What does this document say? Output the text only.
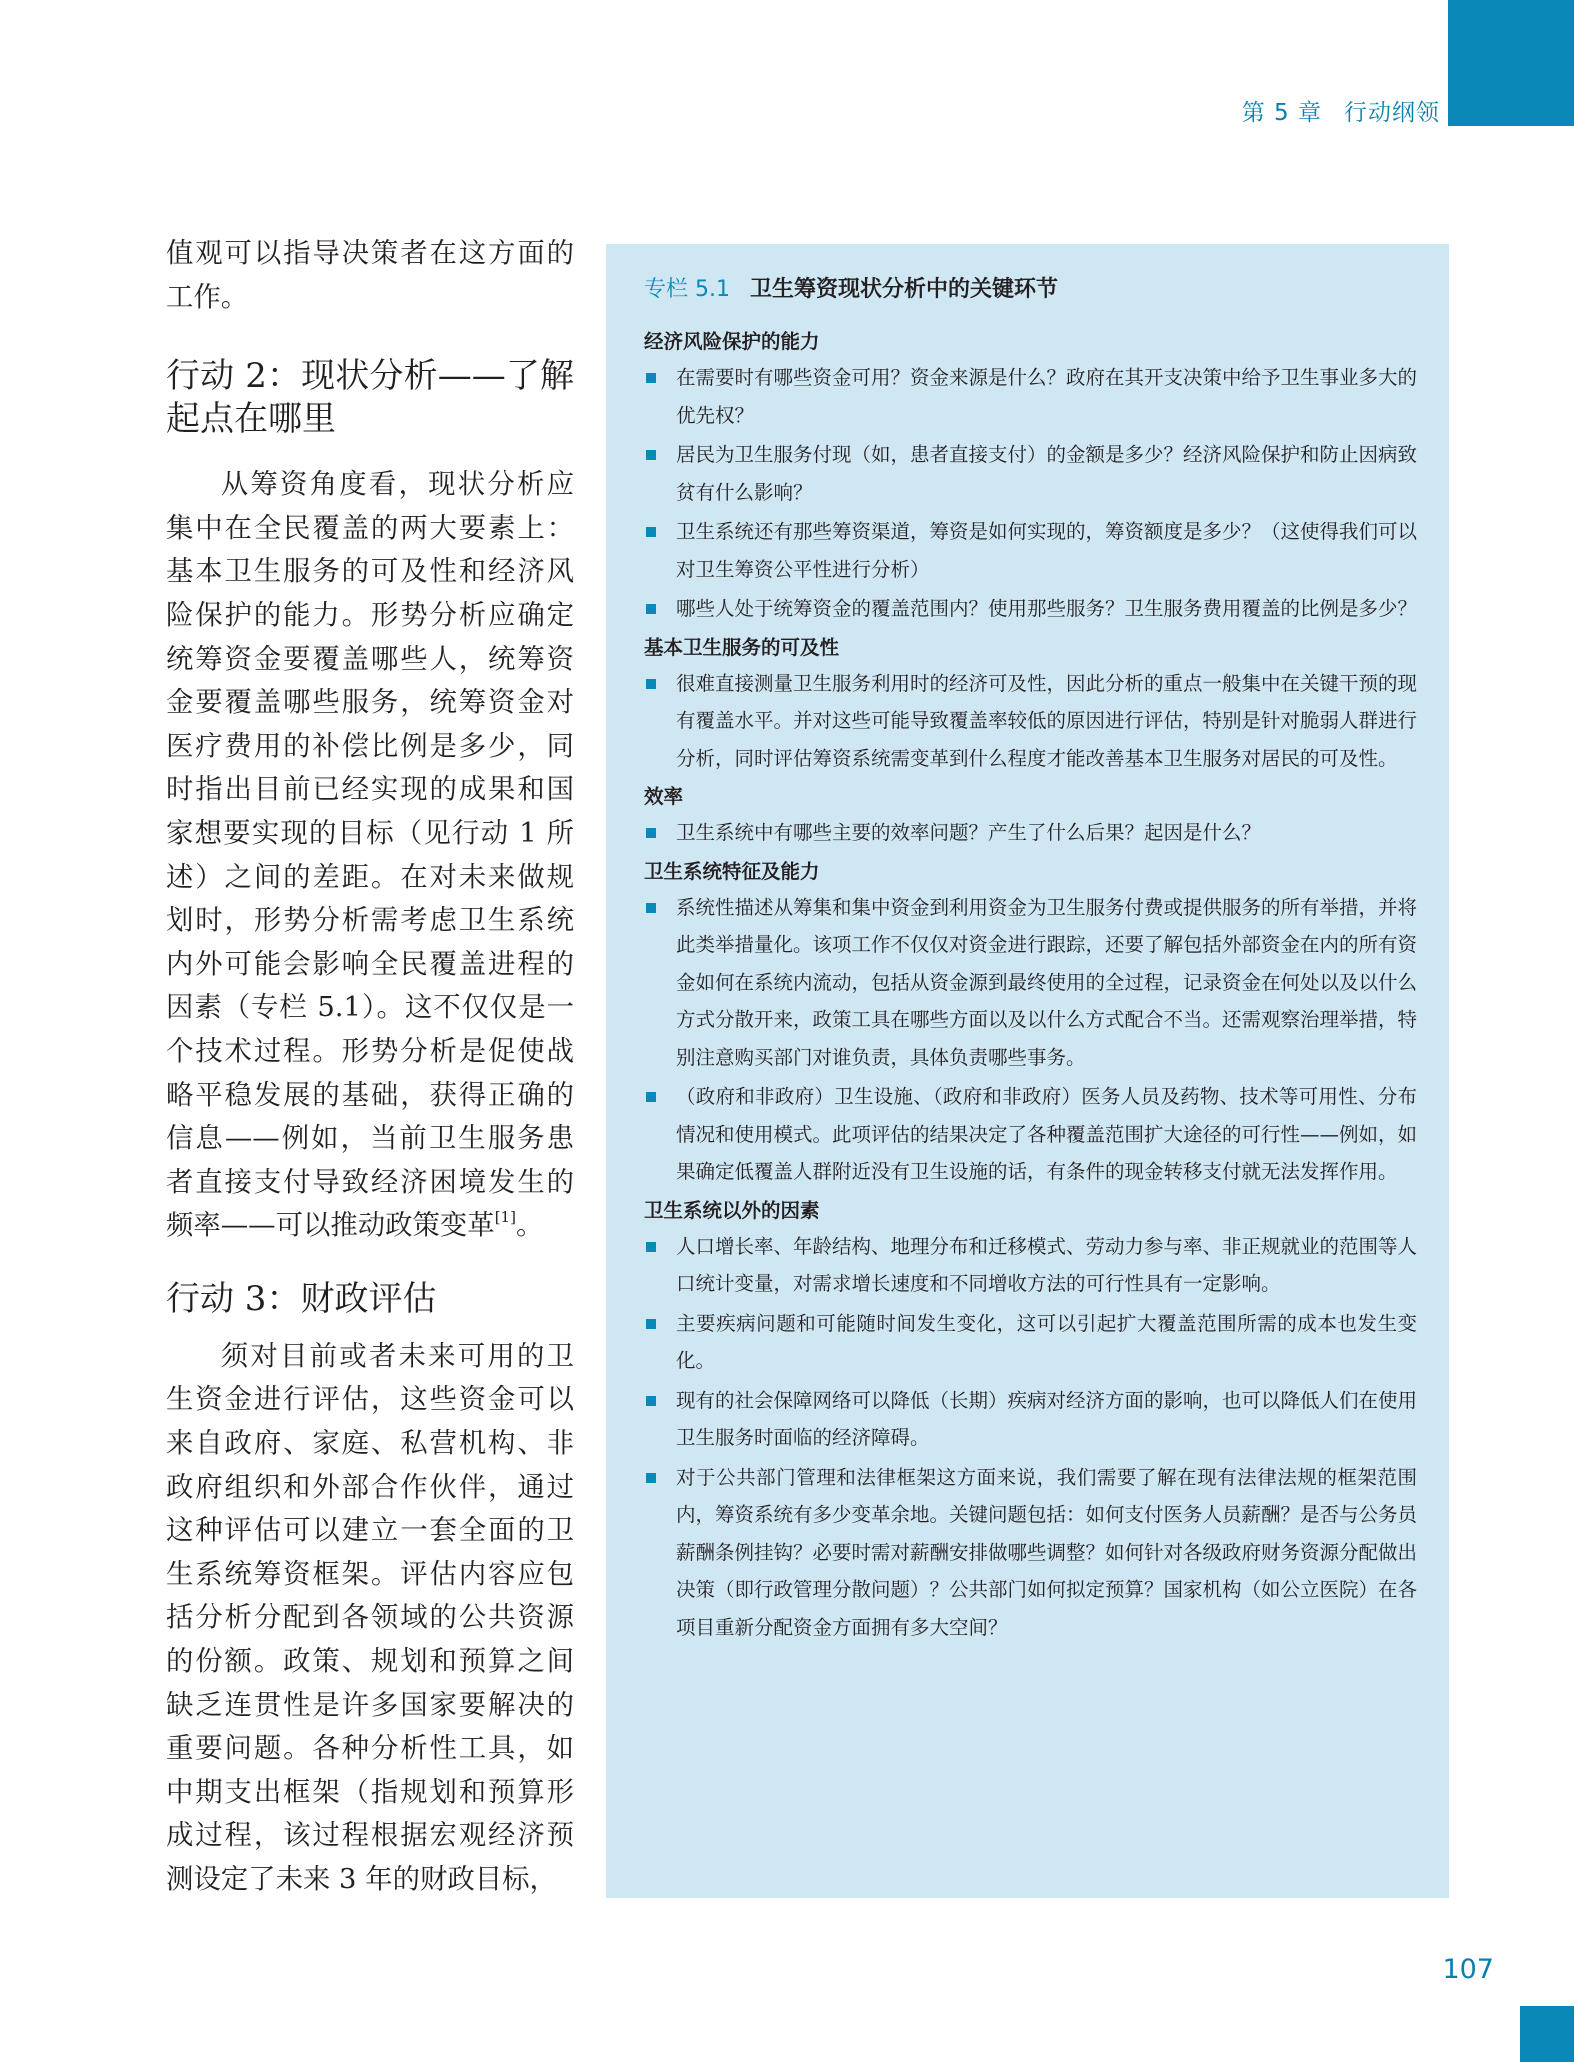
第 5 章 行动纲领

值观可以指导决策者在这方面的工作。

行动 2：现状分析——了解起点在哪里

从筹资角度看，现状分析应集中在全民覆盖的两大要素上：基本卫生服务的可及性和经济风险保护的能力。形势分析应确定统筹资金要覆盖哪些人，统筹资金要覆盖哪些服务，统筹资金对医疗费用的补偿比例是多少，同时指出目前已经实现的成果和国家想要实现的目标（见行动 1 所述）之间的差距。在对未来做规划时，形势分析需考虑卫生系统内外可能会影响全民覆盖进程的因素（专栏 5.1）。这不仅仅是一个技术过程。形势分析是促使战略平稳发展的基础，获得正确的信息——例如，当前卫生服务患者直接支付导致经济困境发生的频率——可以推动政策变革[1]。

行动 3：财政评估

须对目前或者未来可用的卫生资金进行评估，这些资金可以来自政府、家庭、私营机构、非政府组织和外部合作伙伴，通过这种评估可以建立一套全面的卫生系统筹资框架。评估内容应包括分析分配到各领域的公共资源的份额。政策、规划和预算之间缺乏连贯性是许多国家要解决的重要问题。各种分析性工具，如中期支出框架（指规划和预算形成过程，该过程根据宏观经济预测设定了未来 3 年的财政目标，

专栏 5.1 卫生筹资现状分析中的关键环节
经济风险保护的能力
在需要时有哪些资金可用？资金来源是什么？政府在其开支决策中给予卫生事业多大的优先权？
居民为卫生服务付现（如，患者直接支付）的金额是多少？经济风险保护和防止因病致贫有什么影响？
卫生系统还有那些筹资渠道，筹资是如何实现的，筹资额度是多少？（这使得我们可以对卫生筹资公平性进行分析）
哪些人处于统筹资金的覆盖范围内？使用那些服务？卫生服务费用覆盖的比例是多少？
基本卫生服务的可及性
很难直接测量卫生服务利用时的经济可及性，因此分析的重点一般集中在关键干预的现有覆盖水平。并对这些可能导致覆盖率较低的原因进行评估，特别是针对脆弱人群进行分析，同时评估筹资系统需变革到什么程度才能改善基本卫生服务对居民的可及性。
效率
卫生系统中有哪些主要的效率问题？产生了什么后果？起因是什么？
卫生系统特征及能力
系统性描述从筹集和集中资金到利用资金为卫生服务付费或提供服务的所有举措，并将此类举措量化。该项工作不仅仅对资金进行跟踪，还要了解包括外部资金在内的所有资金如何在系统内流动，包括从资金源到最终使用的全过程，记录资金在何处以及以什么方式分散开来，政策工具在哪些方面以及以什么方式配合不当。还需观察治理举措，特别注意购买部门对谁负责，具体负责哪些事务。
（政府和非政府）卫生设施、（政府和非政府）医务人员及药物、技术等可用性、分布情况和使用模式。此项评估的结果决定了各种覆盖范围扩大途径的可行性——例如，如果确定低覆盖人群附近没有卫生设施的话，有条件的现金转移支付就无法发挥作用。
卫生系统以外的因素
人口增长率、年龄结构、地理分布和迁移模式、劳动力参与率、非正规就业的范围等人口统计变量，对需求增长速度和不同增收方法的可行性具有一定影响。
主要疾病问题和可能随时间发生变化，这可以引起扩大覆盖范围所需的成本也发生变化。
现有的社会保障网络可以降低（长期）疾病对经济方面的影响，也可以降低人们在使用卫生服务时面临的经济障碍。
对于公共部门管理和法律框架这方面来说，我们需要了解在现有法律法规的框架范围内，筹资系统有多少变革余地。关键问题包括：如何支付医务人员薪酬？是否与公务员薪酬条例挂钩？必要时需对薪酬安排做哪些调整？如何针对各级政府财务资源分配做出决策（即行政管理分散问题）？公共部门如何拟定预算？国家机构（如公立医院）在各项目重新分配资金方面拥有多大空间？
107
